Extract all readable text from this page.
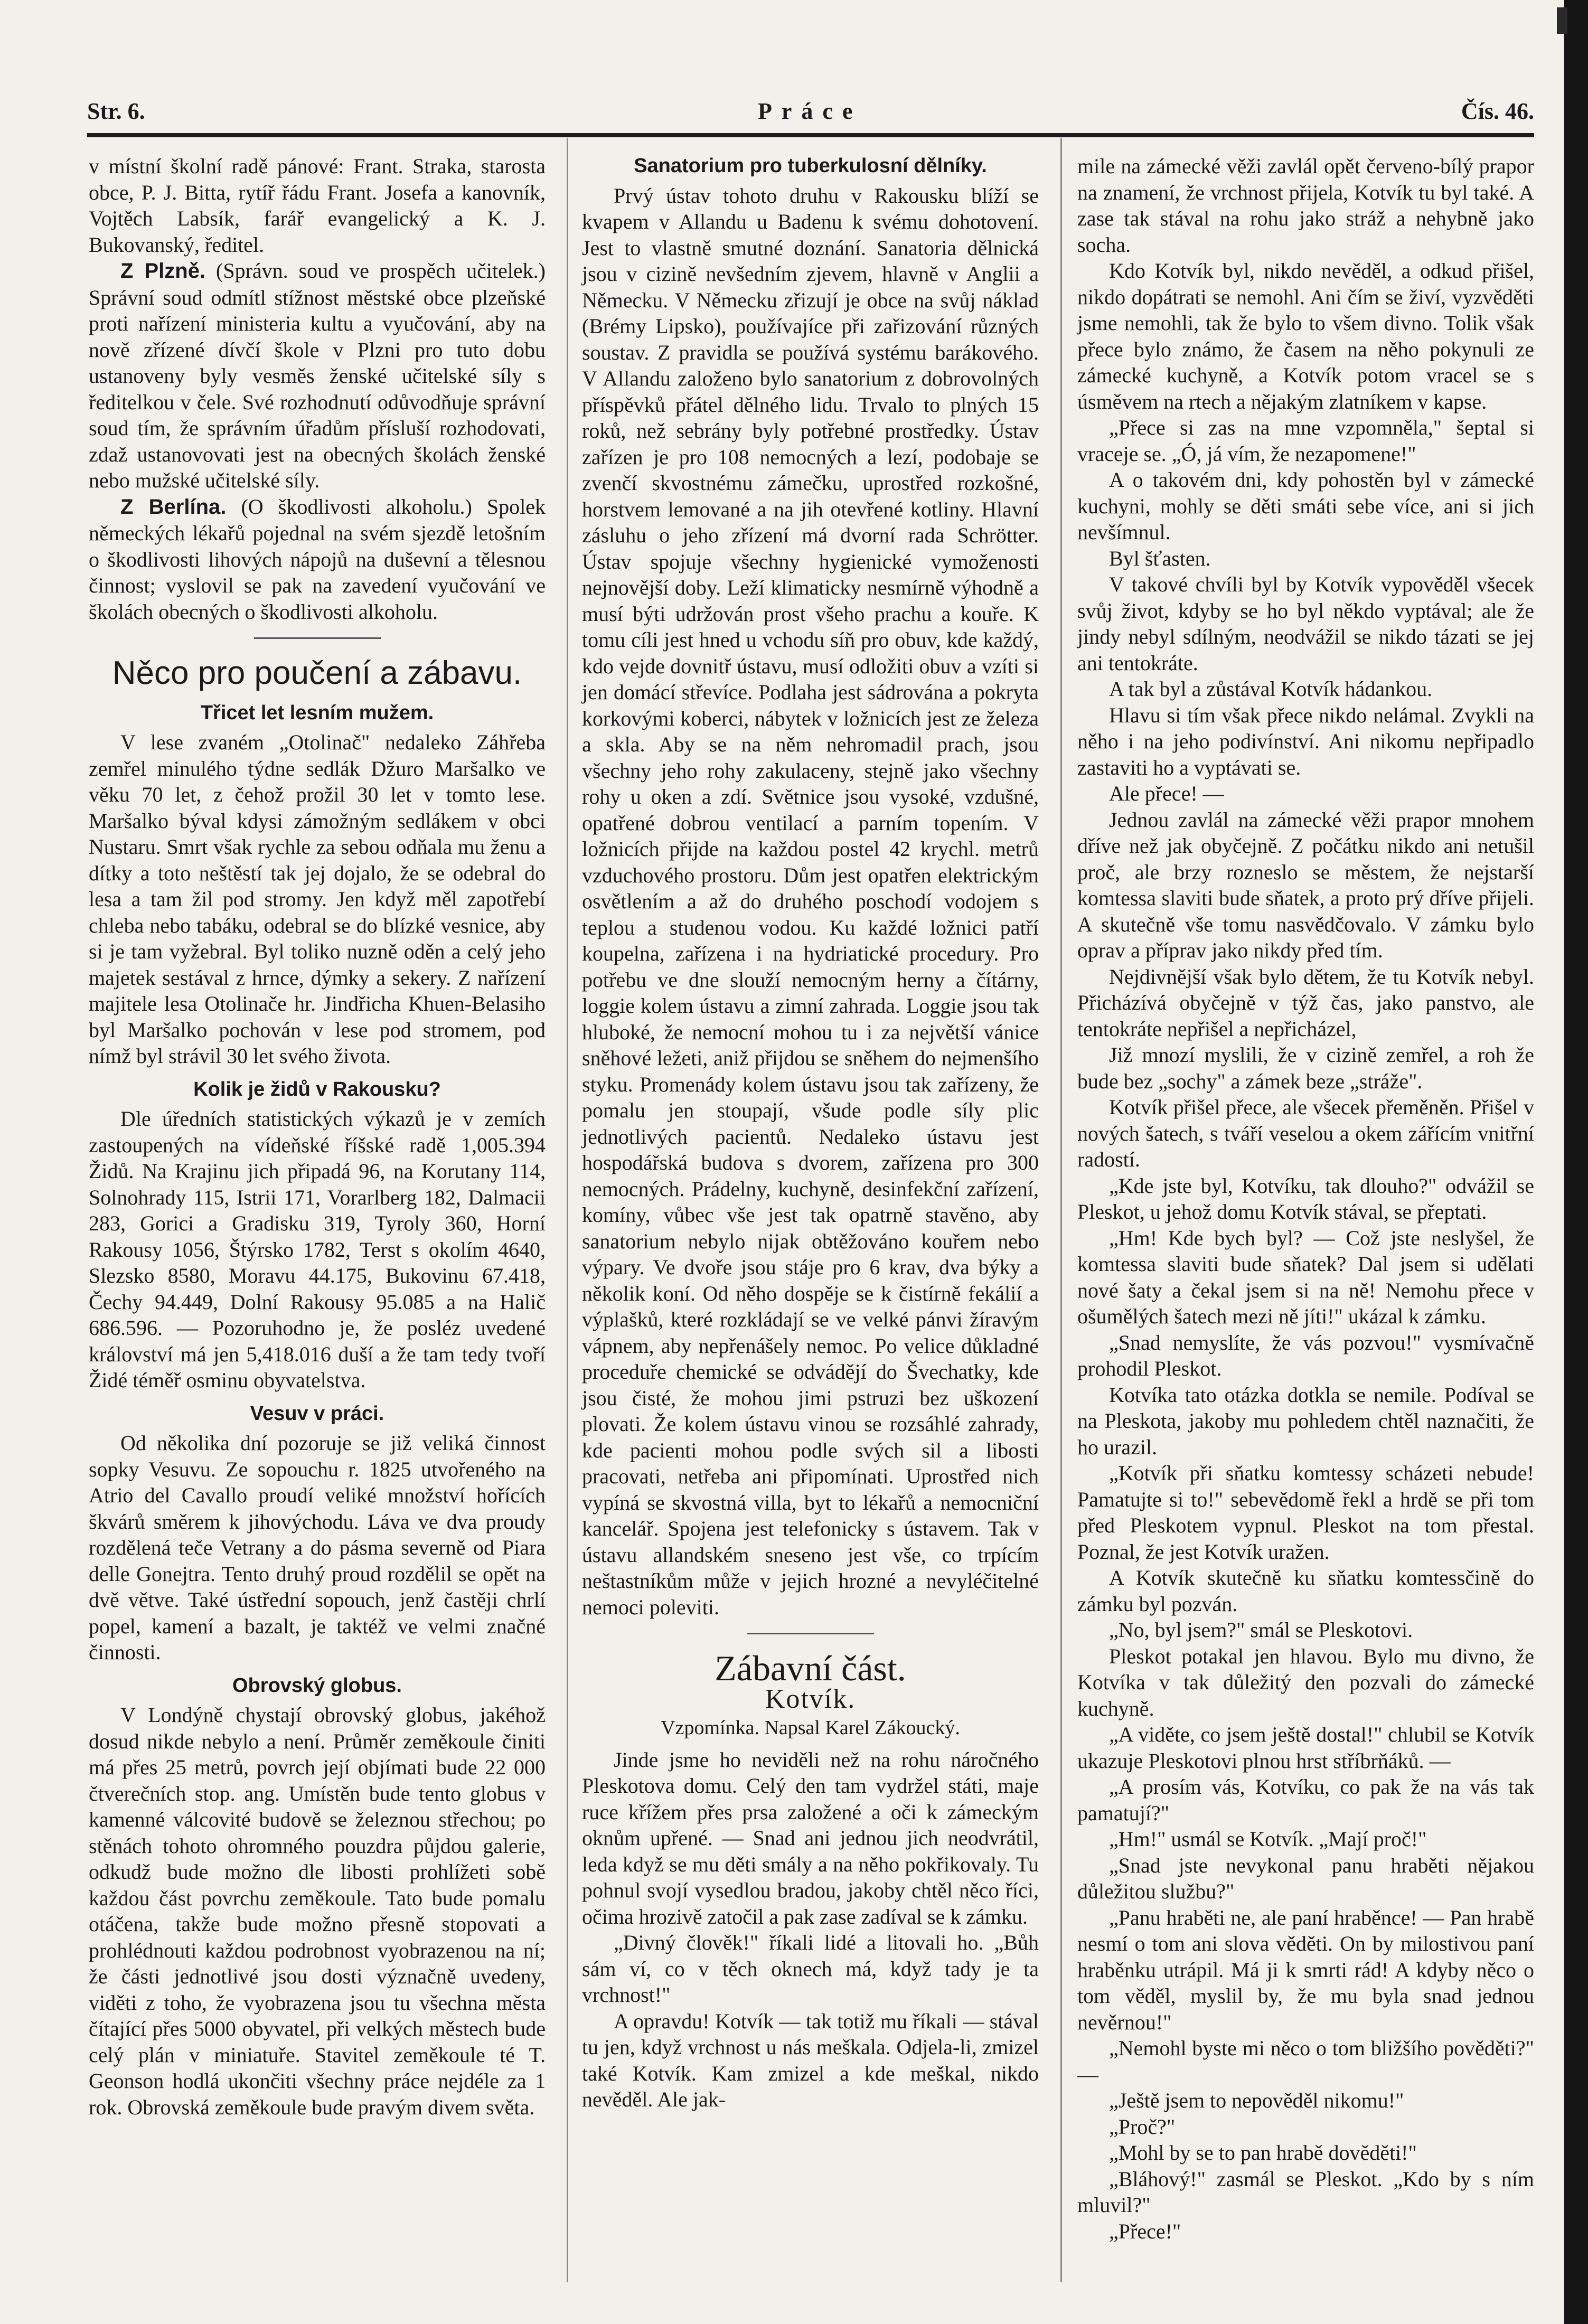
Str. 6.	Práce	Čís. 46.

v místní školní radě pánové: Frant. Straka, starosta obce, P. J. Bitta, rytíř řádu Frant. Josefa a kanovník, Vojtěch Labsík, farář evangelický a K. J. Bukovanský, ředitel.

Z Plzně. (Správn. soud ve prospěch učitelek.) Správní soud odmítl stížnost městské obce plzeňské proti nařízení ministeria kultu a vyučování, aby na nově zřízené dívčí škole v Plzni pro tuto dobu ustanoveny byly vesměs ženské učitelské síly s ředitelkou v čele. Své rozhodnutí odůvodňuje správní soud tím, že správním úřadům přísluší rozhodovati, zdaž ustanovovati jest na obecných školách ženské nebo mužské učitelské síly.

Z Berlína. (O škodlivosti alkoholu.) Spolek německých lékařů pojednal na svém sjezdě letošním o škodlivosti lihových nápojů na duševní a tělesnou činnost; vyslovil se pak na zavedení vyučování ve školách obecných o škodlivosti alkoholu.

Něco pro poučení a zábavu.
Třicet let lesním mužem.

V lese zvaném „Otolinač" nedaleko Záhřeba zemřel minulého týdne sedlák Džuro Maršalko ve věku 70 let, z čehož prožil 30 let v tomto lese. Maršalko býval kdysi zámožným sedlákem v obci Nustaru. Smrt však rychle za sebou odňala mu ženu a dítky a toto neštěstí tak jej dojalo, že se odebral do lesa a tam žil pod stromy. Jen když měl zapotřebí chleba nebo tabáku, odebral se do blízké vesnice, aby si je tam vyžebral. Byl toliko nuzně oděn a celý jeho majetek sestával z hrnce, dýmky a sekery. Z nařízení majitele lesa Otolinače hr. Jindřicha Khuen-Belasiho byl Maršalko pochován v lese pod stromem, pod nímž byl strávil 30 let svého života.

Kolik je židů v Rakousku?

Dle úředních statistických výkazů je v zemích zastoupených na vídeňské říšské radě 1,005.394 Židů. Na Krajinu jich připadá 96, na Korutany 114, Solnohrady 115, Istrii 171, Vorarlberg 182, Dalmacii 283, Gorici a Gradisku 319, Tyroly 360, Horní Rakousy 1056, Štýrsko 1782, Terst s okolím 4640, Slezsko 8580, Moravu 44.175, Bukovinu 67.418, Čechy 94.449, Dolní Rakousy 95.085 a na Halič 686.596. — Pozoruhodno je, že posléz uvedené království má jen 5,418.016 duší a že tam tedy tvoří Židé téměř osminu obyvatelstva.

Vesuv v práci.

Od několika dní pozoruje se již veliká činnost sopky Vesuvu. Ze sopouchu r. 1825 utvořeného na Atrio del Cavallo proudí veliké množství hořících škvárů směrem k jihovýchodu. Láva ve dva proudy rozdělená teče Vetrany a do pásma severně od Piara delle Gonejtra. Tento druhý proud rozdělil se opět na dvě větve. Také ústřední sopouch, jenž častěji chrlí popel, kamení a bazalt, je taktéž ve velmi značné činnosti.

Obrovský globus.

V Londýně chystají obrovský globus, jakéhož dosud nikde nebylo a není. Průměr zeměkoule činiti má přes 25 metrů, povrch její objímati bude 22 000 čtverečních stop. ang. Umístěn bude tento globus v kamenné válcovité budově se železnou střechou; po stěnách tohoto ohromného pouzdra půjdou galerie, odkudž bude možno dle libosti prohlížeti sobě každou část povrchu zeměkoule. Tato bude pomalu otáčena, takže bude možno přesně stopovati a prohlédnouti každou podrobnost vyobrazenou na ní; že části jednotlivé jsou dosti význačně uvedeny, viděti z toho, že vyobrazena jsou tu všechna města čítající přes 5000 obyvatel, při velkých městech bude celý plán v miniatuře. Stavitel zeměkoule té T. Geonson hodlá ukončiti všechny práce nejdéle za 1 rok. Obrovská zeměkoule bude pravým divem světa.

Sanatorium pro tuberkulosní dělníky.

Prvý ústav tohoto druhu v Rakousku blíží se kvapem v Allandu u Badenu k svému dohotovení. Jest to vlastně smutné doznání. Sanatoria dělnická jsou v cizině nevšedním zjevem, hlavně v Anglii a Německu. V Německu zřizují je obce na svůj náklad (Brémy Lipsko), používajíce při zařizování různých soustav. Z pravidla se používá systému barákového. V Allandu založeno bylo sanatorium z dobrovolných příspěvků přátel dělného lidu. Trvalo to plných 15 roků, než sebrány byly potřebné prostředky. Ústav zařízen je pro 108 nemocných a lezí, podobaje se zvenčí skvostnému zámečku, uprostřed rozkošné, horstvem lemované a na jih otevřené kotliny. Hlavní zásluhu o jeho zřízení má dvorní rada Schrötter. Ústav spojuje všechny hygienické vymoženosti nejnovější doby. Leží klimaticky nesmírně výhodně a musí býti udržován prost všeho prachu a kouře. K tomu cíli jest hned u vchodu síň pro obuv, kde každý, kdo vejde dovnitř ústavu, musí odložiti obuv a vzíti si jen domácí střevíce. Podlaha jest sádrována a pokryta korkovými koberci, nábytek v ložnicích jest ze železa a skla. Aby se na něm nehromadil prach, jsou všechny jeho rohy zakulaceny, stejně jako všechny rohy u oken a zdí. Světnice jsou vysoké, vzdušné, opatřené dobrou ventilací a parním topením. V ložnicích přijde na každou postel 42 krychl. metrů vzduchového prostoru. Dům jest opatřen elektrickým osvětlením a až do druhého poschodí vodojem s teplou a studenou vodou. Ku každé ložnici patří koupelna, zařízena i na hydriatické procedury. Pro potřebu ve dne slouží nemocným herny a čítárny, loggie kolem ústavu a zimní zahrada. Loggie jsou tak hluboké, že nemocní mohou tu i za největší vánice sněhové ležeti, aniž přijdou se sněhem do nejmenšího styku. Promenády kolem ústavu jsou tak zařízeny, že pomalu jen stoupají, všude podle síly plic jednotlivých pacientů. Nedaleko ústavu jest hospodářská budova s dvorem, zařízena pro 300 nemocných. Prádelny, kuchyně, desinfekční zařízení, komíny, vůbec vše jest tak opatrně stavěno, aby sanatorium nebylo nijak obtěžováno kouřem nebo výpary. Ve dvoře jsou stáje pro 6 krav, dva býky a několik koní. Od něho dospěje se k čistírně fekálií a výplašků, které rozkládají se ve velké pánvi žíravým vápnem, aby nepřenášely nemoc. Po velice důkladné proceduře chemické se odvádějí do Švechatky, kde jsou čisté, že mohou jimi pstruzi bez uškození plovati. Že kolem ústavu vinou se rozsáhlé zahrady, kde pacienti mohou podle svých sil a libosti pracovati, netřeba ani připomínati. Uprostřed nich vypíná se skvostná villa, byt to lékařů a nemocniční kancelář. Spojena jest telefonicky s ústavem. Tak v ústavu allandském sneseno jest vše, co trpícím neštastníkům může v jejich hrozné a nevyléčitelné nemoci poleviti.

Zábavní část.
Kotvík.
Vzpomínka. Napsal Karel Zákoucký.

Jinde jsme ho neviděli než na rohu náročného Pleskotova domu. Celý den tam vydržel státi, maje ruce křížem přes prsa založené a oči k zámeckým oknům upřené. — Snad ani jednou jich neodvrátil, leda když se mu děti smály a na něho pokřikovaly. Tu pohnul svojí vysedlou bradou, jakoby chtěl něco říci, očima hrozivě zatočil a pak zase zadíval se k zámku.

„Divný člověk!" říkali lidé a litovali ho. „Bůh sám ví, co v těch oknech má, když tady je ta vrchnost!"

A opravdu! Kotvík — tak totiž mu říkali — stával tu jen, když vrchnost u nás meškala. Odjela-li, zmizel také Kotvík. Kam zmizel a kde meškal, nikdo nevěděl. Ale jak-

mile na zámecké věži zavlál opět červeno-bílý prapor na znamení, že vrchnost přijela, Kotvík tu byl také. A zase tak stával na rohu jako stráž a nehybně jako socha.

Kdo Kotvík byl, nikdo nevěděl, a odkud přišel, nikdo dopátrati se nemohl. Ani čím se živí, vyzvěděti jsme nemohli, tak že bylo to všem divno. Tolik však přece bylo známo, že časem na něho pokynuli ze zámecké kuchyně, a Kotvík potom vracel se s úsměvem na rtech a nějakým zlatníkem v kapse.

„Přece si zas na mne vzpomněla," šeptal si vraceje se. „Ó, já vím, že nezapomene!"

A o takovém dni, kdy pohostěn byl v zámecké kuchyni, mohly se děti smáti sebe více, ani si jich nevšímnul.

Byl šťasten.

V takové chvíli byl by Kotvík vypověděl všecek svůj život, kdyby se ho byl někdo vyptával; ale že jindy nebyl sdílným, neodvážil se nikdo tázati se jej ani tentokráte.

A tak byl a zůstával Kotvík hádankou.

Hlavu si tím však přece nikdo nelámal. Zvykli na něho i na jeho podivínství. Ani nikomu nepřipadlo zastaviti ho a vyptávati se.

Ale přece! —

Jednou zavlál na zámecké věži prapor mnohem dříve než jak obyčejně. Z počátku nikdo ani netušil proč, ale brzy rozneslo se městem, že nejstarší komtessa slaviti bude sňatek, a proto prý dříve přijeli. A skutečně vše tomu nasvědčovalo. V zámku bylo oprav a příprav jako nikdy před tím.

Nejdivnější však bylo dětem, že tu Kotvík nebyl. Přicházívá obyčejně v týž čas, jako panstvo, ale tentokráte nepřišel a nepřicházel,

Již mnozí myslili, že v cizině zemřel, a roh že bude bez „sochy" a zámek beze „stráže".

Kotvík přišel přece, ale všecek přeměněn. Přišel v nových šatech, s tváří veselou a okem zářícím vnitřní radostí.

„Kde jste byl, Kotvíku, tak dlouho?" odvážil se Pleskot, u jehož domu Kotvík stával, se přeptati.

„Hm! Kde bych byl? — Což jste neslyšel, že komtessa slaviti bude sňatek? Dal jsem si udělati nové šaty a čekal jsem si na ně! Nemohu přece v ošumělých šatech mezi ně jíti!" ukázal k zámku.

„Snad nemyslíte, že vás pozvou!" vysmívačně prohodil Pleskot.

Kotvíka tato otázka dotkla se nemile. Podíval se na Pleskota, jakoby mu pohledem chtěl naznačiti, že ho urazil.

„Kotvík při sňatku komtessy scházeti nebude! Pamatujte si to!" sebevědomě řekl a hrdě se při tom před Pleskotem vypnul. Pleskot na tom přestal. Poznal, že jest Kotvík uražen.

A Kotvík skutečně ku sňatku komtessčině do zámku byl pozván.

„No, byl jsem?" smál se Pleskotovi.

Pleskot potakal jen hlavou. Bylo mu divno, že Kotvíka v tak důležitý den pozvali do zámecké kuchyně.

„A viděte, co jsem ještě dostal!" chlubil se Kotvík ukazuje Pleskotovi plnou hrst stříbrňáků. —

„A prosím vás, Kotvíku, co pak že na vás tak pamatují?"

„Hm!" usmál se Kotvík. „Mají proč!"

„Snad jste nevykonal panu hraběti nějakou důležitou službu?"

„Panu hraběti ne, ale paní hraběnce! — Pan hrabě nesmí o tom ani slova věděti. On by milostivou paní hraběnku utrápil. Má ji k smrti rád! A kdyby něco o tom věděl, myslil by, že mu byla snad jednou nevěrnou!"

„Nemohl byste mi něco o tom bližšího pověděti?" —

„Ještě jsem to nepověděl nikomu!"

„Proč?"

„Mohl by se to pan hrabě dověděti!"

„Bláhový!" zasmál se Pleskot. „Kdo by s ním mluvil?"

„Přece!"
